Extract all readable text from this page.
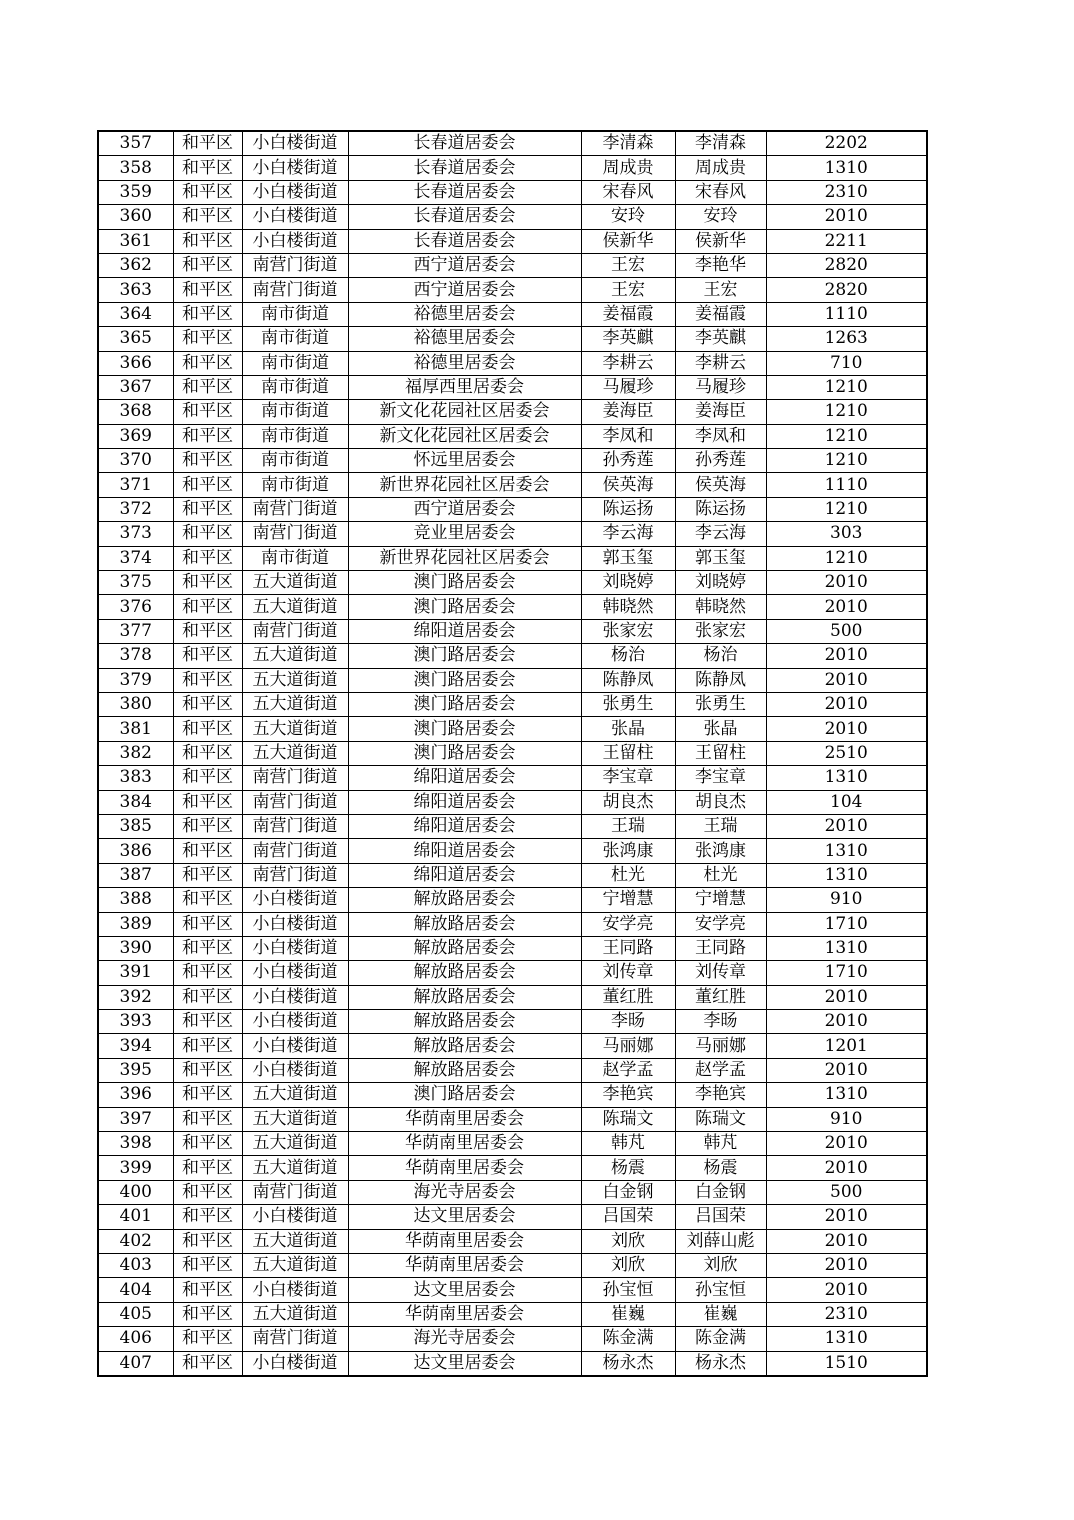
357	和平区	小白楼街道	长春道居委会	李清森	李清森	2202
358	和平区	小白楼街道	长春道居委会	周成贵	周成贵	1310
359	和平区	小白楼街道	长春道居委会	宋春风	宋春风	2310
360	和平区	小白楼街道	长春道居委会	安玲	安玲	2010
361	和平区	小白楼街道	长春道居委会	侯新华	侯新华	2211
362	和平区	南营门街道	西宁道居委会	王宏	李艳华	2820
363	和平区	南营门街道	西宁道居委会	王宏	王宏	2820
364	和平区	南市街道	裕德里居委会	姜福霞	姜福霞	1110
365	和平区	南市街道	裕德里居委会	李英麒	李英麒	1263
366	和平区	南市街道	裕德里居委会	李耕云	李耕云	710
367	和平区	南市街道	福厚西里居委会	马履珍	马履珍	1210
368	和平区	南市街道	新文化花园社区居委会	姜海臣	姜海臣	1210
369	和平区	南市街道	新文化花园社区居委会	李凤和	李凤和	1210
370	和平区	南市街道	怀远里居委会	孙秀莲	孙秀莲	1210
371	和平区	南市街道	新世界花园社区居委会	侯英海	侯英海	1110
372	和平区	南营门街道	西宁道居委会	陈运扬	陈运扬	1210
373	和平区	南营门街道	竞业里居委会	李云海	李云海	303
374	和平区	南市街道	新世界花园社区居委会	郭玉玺	郭玉玺	1210
375	和平区	五大道街道	澳门路居委会	刘晓婷	刘晓婷	2010
376	和平区	五大道街道	澳门路居委会	韩晓然	韩晓然	2010
377	和平区	南营门街道	绵阳道居委会	张家宏	张家宏	500
378	和平区	五大道街道	澳门路居委会	杨治	杨治	2010
379	和平区	五大道街道	澳门路居委会	陈静凤	陈静凤	2010
380	和平区	五大道街道	澳门路居委会	张勇生	张勇生	2010
381	和平区	五大道街道	澳门路居委会	张晶	张晶	2010
382	和平区	五大道街道	澳门路居委会	王留柱	王留柱	2510
383	和平区	南营门街道	绵阳道居委会	李宝章	李宝章	1310
384	和平区	南营门街道	绵阳道居委会	胡良杰	胡良杰	104
385	和平区	南营门街道	绵阳道居委会	王瑞	王瑞	2010
386	和平区	南营门街道	绵阳道居委会	张鸿康	张鸿康	1310
387	和平区	南营门街道	绵阳道居委会	杜光	杜光	1310
388	和平区	小白楼街道	解放路居委会	宁增慧	宁增慧	910
389	和平区	小白楼街道	解放路居委会	安学亮	安学亮	1710
390	和平区	小白楼街道	解放路居委会	王同路	王同路	1310
391	和平区	小白楼街道	解放路居委会	刘传章	刘传章	1710
392	和平区	小白楼街道	解放路居委会	董红胜	董红胜	2010
393	和平区	小白楼街道	解放路居委会	李旸	李旸	2010
394	和平区	小白楼街道	解放路居委会	马丽娜	马丽娜	1201
395	和平区	小白楼街道	解放路居委会	赵学孟	赵学孟	2010
396	和平区	五大道街道	澳门路居委会	李艳宾	李艳宾	1310
397	和平区	五大道街道	华荫南里居委会	陈瑞文	陈瑞文	910
398	和平区	五大道街道	华荫南里居委会	韩芃	韩芃	2010
399	和平区	五大道街道	华荫南里居委会	杨震	杨震	2010
400	和平区	南营门街道	海光寺居委会	白金钢	白金钢	500
401	和平区	小白楼街道	达文里居委会	吕国荣	吕国荣	2010
402	和平区	五大道街道	华荫南里居委会	刘欣	刘薛山彪	2010
403	和平区	五大道街道	华荫南里居委会	刘欣	刘欣	2010
404	和平区	小白楼街道	达文里居委会	孙宝恒	孙宝恒	2010
405	和平区	五大道街道	华荫南里居委会	崔巍	崔巍	2310
406	和平区	南营门街道	海光寺居委会	陈金满	陈金满	1310
407	和平区	小白楼街道	达文里居委会	杨永杰	杨永杰	1510
